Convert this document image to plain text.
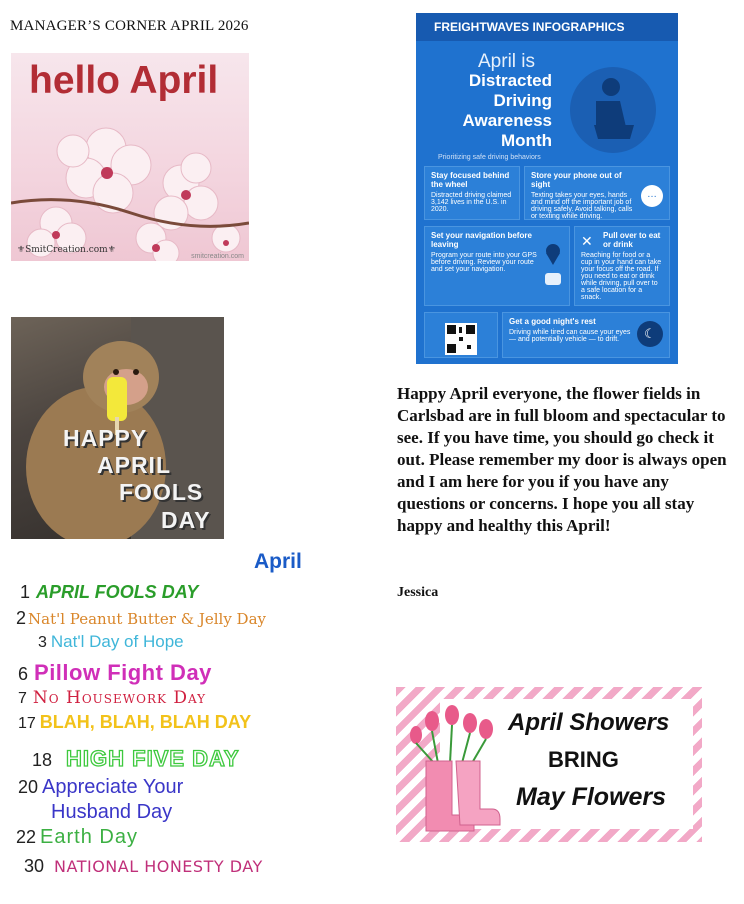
MANAGER’S CORNER APRIL 2026
hello April
⚜SmitCreation.com⚜
smitcreation.com
HAPPY
APRIL
FOOLS
DAY
April
1 APRIL FOOLS DAY
2 Nat'l Peanut Butter & Jelly Day
3 Nat'l Day of Hope
6 Pillow Fight Day
7 No Housework Day
17 BLAH, BLAH, BLAH DAY
18 HIGH FIVE DAY
20 Appreciate Your
Husband Day
22 Earth Day
30 NATIONAL HONESTY DAY
FREIGHTWAVES INFOGRAPHICS
April is
Distracted Driving Awareness Month
Prioritizing safe driving behaviors
Stay focused behind the wheel
Distracted driving claimed 3,142 lives in the U.S. in 2020.
Store your phone out of sight
Texting takes your eyes, hands and mind off the important job of driving safely. Avoid talking, calls or texting while driving.
…
Set your navigation before leaving
Program your route into your GPS before driving. Review your route and set your navigation.
✕ Pull over to eat or drink
Reaching for food or a cup in your hand can take your focus off the road. If you need to eat or drink while driving, pull over to a safe location for a snack.
Get a good night's rest
Driving while tired can cause your eyes — and potentially vehicle — to drift.	☾
Happy April everyone, the flower fields in Carlsbad are in full bloom and spectacular to see. If you have time, you should go check it out. Please remember my door is always open and I am here for you if you have any questions or concerns. I hope you all stay happy and healthy this April!
Jessica
April Showers
BRING
May Flowers
